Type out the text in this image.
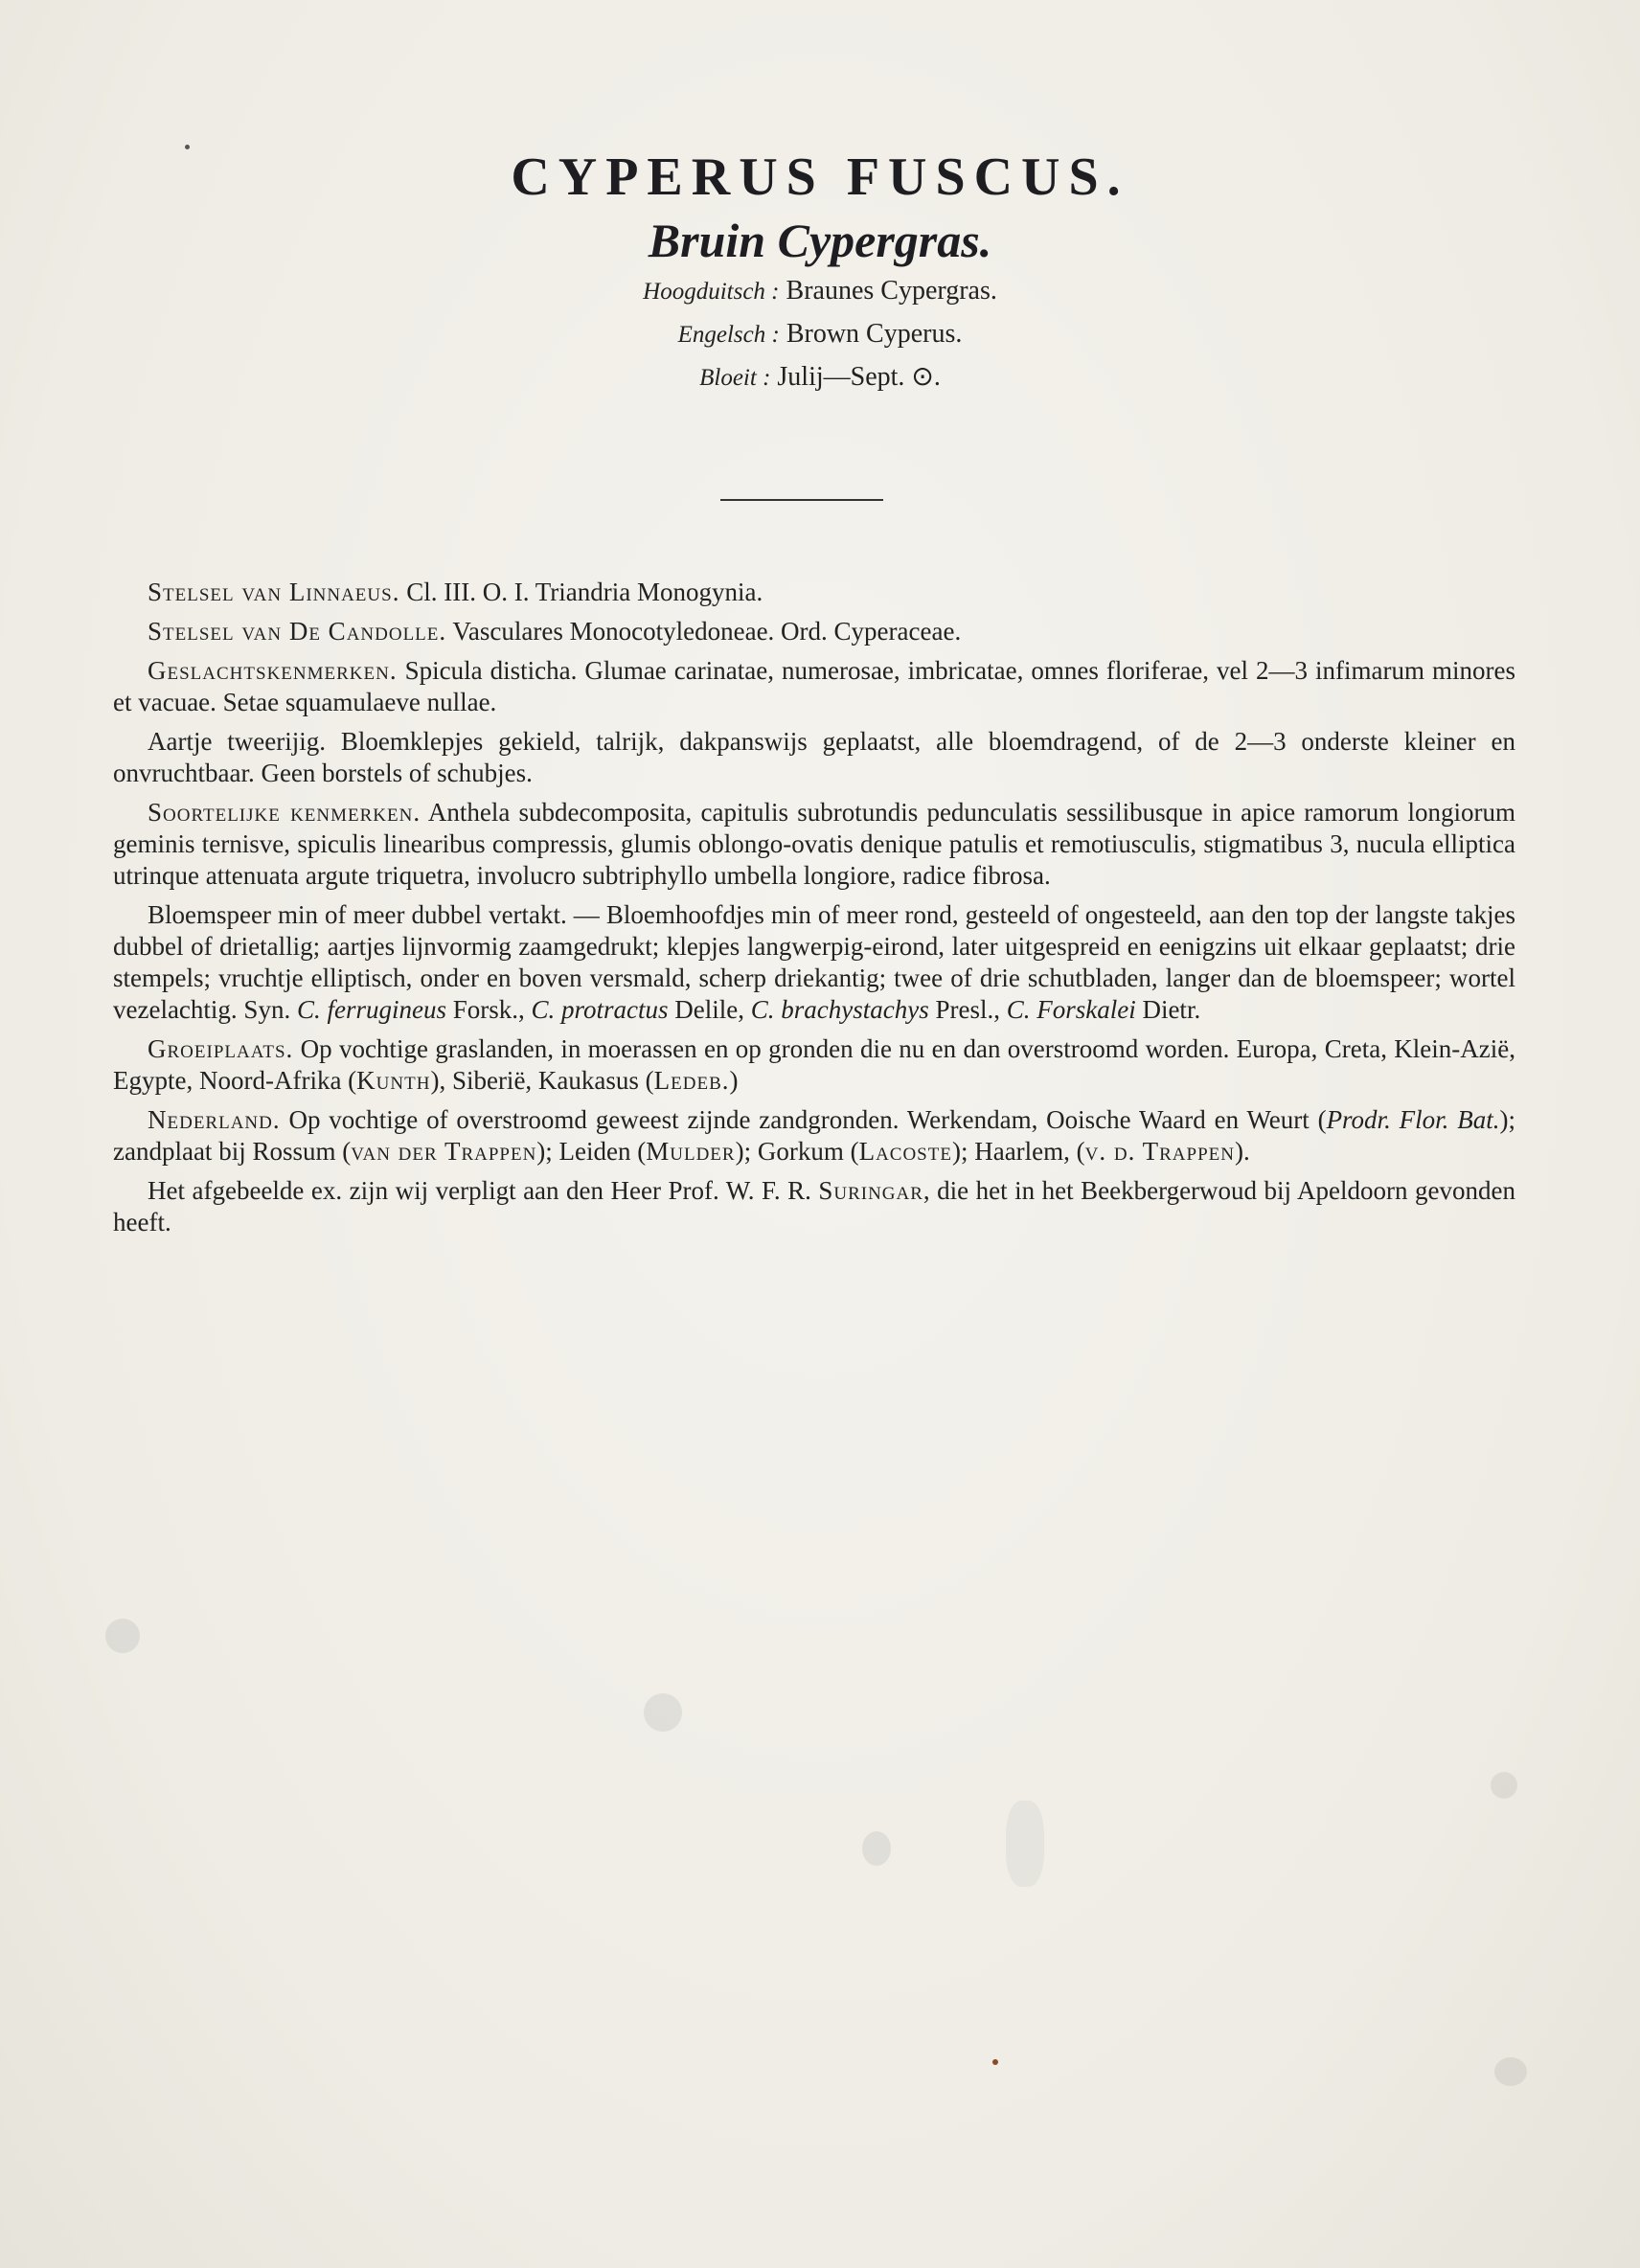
CYPERUS FUSCUS.
Bruin Cypergras.

Hoogduitsch : Braunes Cypergras.

Engelsch : Brown Cyperus.

Bloeit : Julij—Sept. ⊙.

Stelsel van Linnaeus. Cl. III. O. I. Triandria Monogynia.

Stelsel van De Candolle. Vasculares Monocotyledoneae. Ord. Cyperaceae.

Geslachtskenmerken. Spicula disticha. Glumae carinatae, numerosae, imbricatae, omnes floriferae, vel 2—3 infimarum minores et vacuae. Setae squamulaeve nullae.

Aartje tweerijig. Bloemklepjes gekield, talrijk, dakpanswijs geplaatst, alle bloemdragend, of de 2—3 onderste kleiner en onvruchtbaar. Geen borstels of schubjes.

Soortelijke kenmerken. Anthela subdecomposita, capitulis subrotundis pedunculatis sessilibusque in apice ramorum longiorum geminis ternisve, spiculis linearibus compressis, glumis oblongo-ovatis denique patulis et remotiusculis, stigmatibus 3, nucula elliptica utrinque attenuata argute triquetra, involucro subtriphyllo umbella longiore, radice fibrosa.

Bloemspeer min of meer dubbel vertakt. — Bloemhoofdjes min of meer rond, gesteeld of ongesteeld, aan den top der langste takjes dubbel of drietallig; aartjes lijnvormig zaamgedrukt; klepjes langwerpig-eirond, later uitgespreid en eenigzins uit elkaar geplaatst; drie stempels; vruchtje elliptisch, onder en boven versmald, scherp driekantig; twee of drie schutbladen, langer dan de bloemspeer; wortel vezelachtig. Syn. C. ferrugineus Forsk., C. protractus Delile, C. brachystachys Presl., C. Forskalei Dietr.

Groeiplaats. Op vochtige graslanden, in moerassen en op gronden die nu en dan overstroomd worden. Europa, Creta, Klein-Azië, Egypte, Noord-Afrika (Kunth), Siberië, Kaukasus (Ledeb.)

Nederland. Op vochtige of overstroomd geweest zijnde zandgronden. Werkendam, Ooische Waard en Weurt (Prodr. Flor. Bat.); zandplaat bij Rossum (van der Trappen); Leiden (Mulder); Gorkum (Lacoste); Haarlem, (v. d. Trappen).

Het afgebeelde ex. zijn wij verpligt aan den Heer Prof. W. F. R. Suringar, die het in het Beekbergerwoud bij Apeldoorn gevonden heeft.
